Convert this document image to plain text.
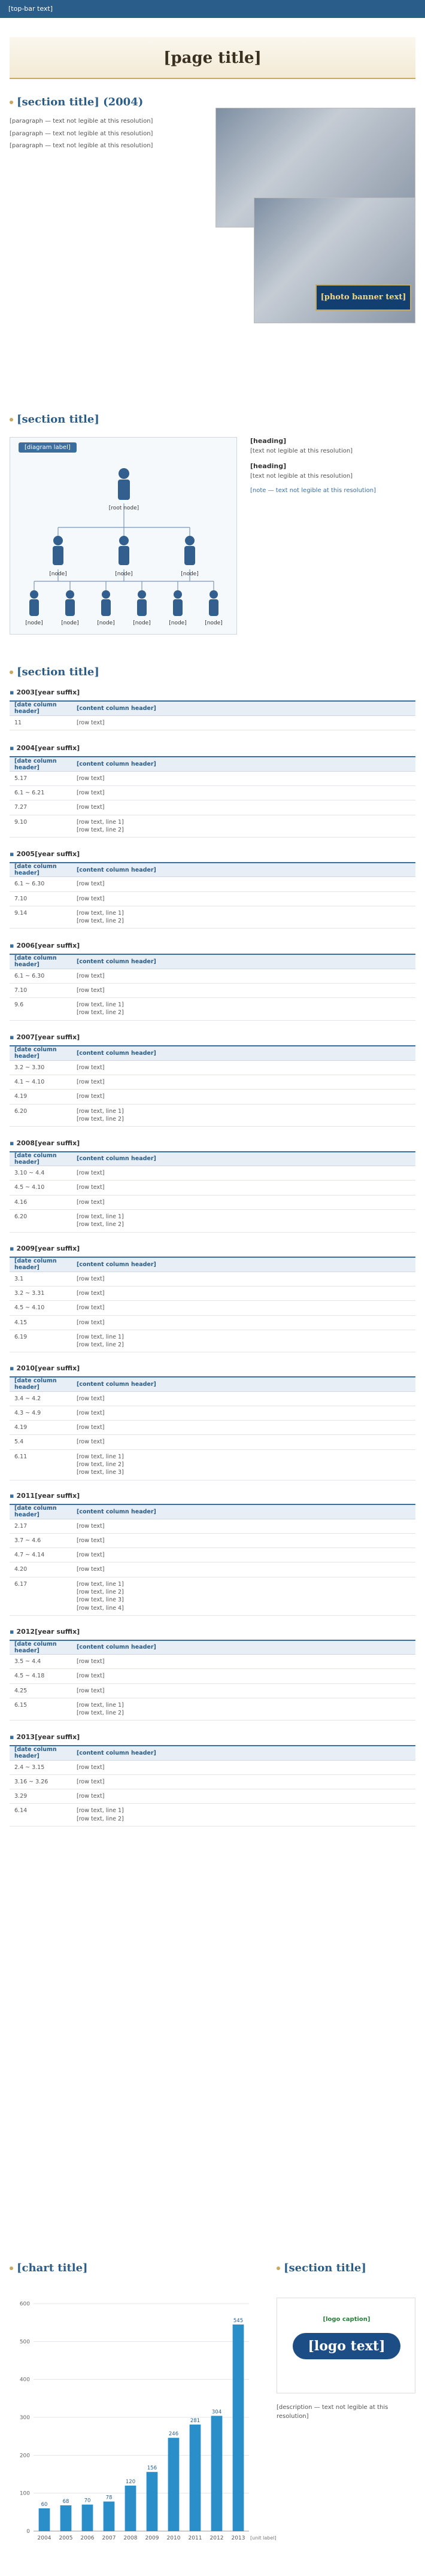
[top-bar text]
[page title]
[section title] (2004)

[paragraph — text not legible at this resolution]

[paragraph — text not legible at this resolution]

[paragraph — text not legible at this resolution]

[photo banner text]
[section title]
[diagram label]
[root node]
[node]	[node]	[node]
[node]	[node]	[node]	[node]	[node]	[node]
[heading]
[text not legible at this resolution]
[heading]
[text not legible at this resolution]
[note — text not legible at this resolution]
[section title]
▪ 2003[year suffix]
[date column header]	[content column header]
11	[row text]
▪ 2004[year suffix]
[date column header]	[content column header]
5.17	[row text]
6.1 ~ 6.21	[row text]
7.27	[row text]
9.10	[row text, line 1]
[row text, line 2]
▪ 2005[year suffix]
[date column header]	[content column header]
6.1 ~ 6.30	[row text]
7.10	[row text]
9.14	[row text, line 1]
[row text, line 2]
▪ 2006[year suffix]
[date column header]	[content column header]
6.1 ~ 6.30	[row text]
7.10	[row text]
9.6	[row text, line 1]
[row text, line 2]
▪ 2007[year suffix]
[date column header]	[content column header]
3.2 ~ 3.30	[row text]
4.1 ~ 4.10	[row text]
4.19	[row text]
6.20	[row text, line 1]
[row text, line 2]
▪ 2008[year suffix]
[date column header]	[content column header]
3.10 ~ 4.4	[row text]
4.5 ~ 4.10	[row text]
4.16	[row text]
6.20	[row text, line 1]
[row text, line 2]
▪ 2009[year suffix]
[date column header]	[content column header]
3.1	[row text]
3.2 ~ 3.31	[row text]
4.5 ~ 4.10	[row text]
4.15	[row text]
6.19	[row text, line 1]
[row text, line 2]
▪ 2010[year suffix]
[date column header]	[content column header]
3.4 ~ 4.2	[row text]
4.3 ~ 4.9	[row text]
4.19	[row text]
5.4	[row text]
6.11	[row text, line 1]
[row text, line 2]
[row text, line 3]
▪ 2011[year suffix]
[date column header]	[content column header]
2.17	[row text]
3.7 ~ 4.6	[row text]
4.7 ~ 4.14	[row text]
4.20	[row text]
6.17	[row text, line 1]
[row text, line 2]
[row text, line 3]
[row text, line 4]
▪ 2012[year suffix]
[date column header]	[content column header]
3.5 ~ 4.4	[row text]
4.5 ~ 4.18	[row text]
4.25	[row text]
6.15	[row text, line 1]
[row text, line 2]
▪ 2013[year suffix]
[date column header]	[content column header]
2.4 ~ 3.15	[row text]
3.16 ~ 3.26	[row text]
3.29	[row text]
6.14	[row text, line 1]
[row text, line 2]
[chart title]
0
100
200
300
400
500
600
60
2004
68
2005
70
2006
78
2007
120
2008
156
2009
246
2010
281
2011
304
2012
545
2013 [unit label]
[section title]
[logo caption]
[logo text]
[description — text not legible at this resolution]
